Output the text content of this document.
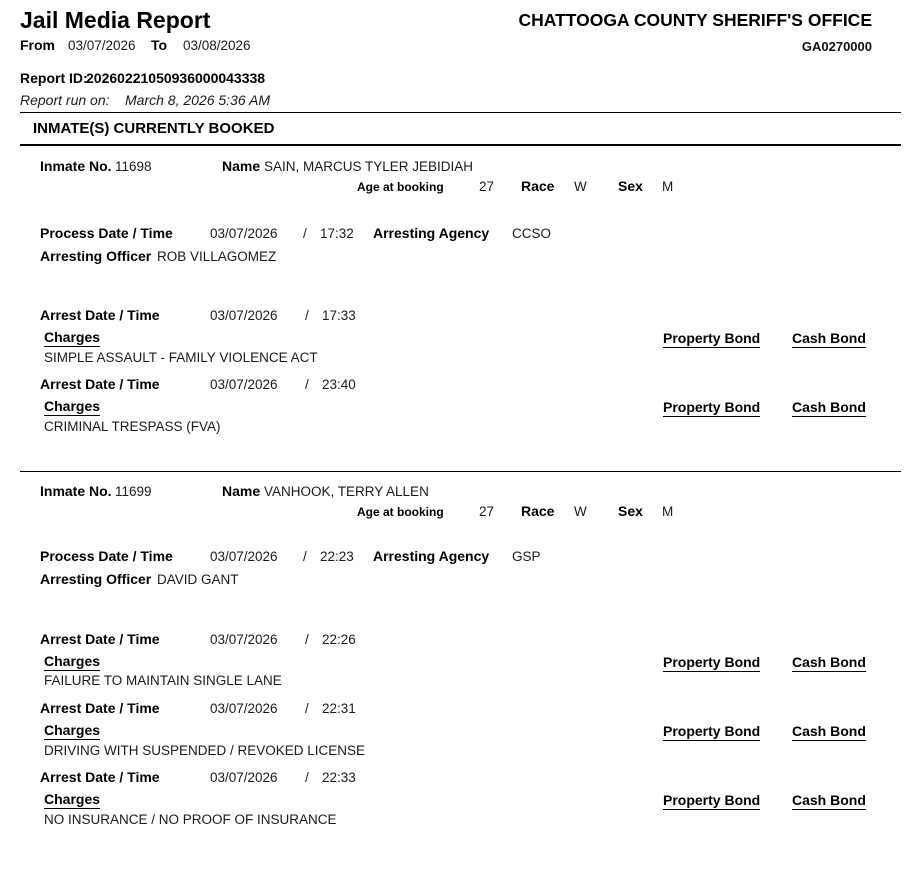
Jail Media Report
From 03/07/2026 To 03/08/2026
CHATTOOGA COUNTY SHERIFF'S OFFICE
GA0270000
Report ID:
20260221050936000043338
Report run on: March 8, 2026 5:36 AM
INMATE(S) CURRENTLY BOOKED
Inmate No. 11698	Name SAIN, MARCUS TYLER JEBIDIAH
Age at booking	27 Race W Sex M
Process Date / Time	03/07/2026 / 17:32 Arresting Agency CCSO
Arresting Officer ROB VILLAGOMEZ
Arrest Date / Time	03/07/2026 / 17:33
Charges	Property Bond Cash Bond
SIMPLE ASSAULT - FAMILY VIOLENCE ACT
Arrest Date / Time	03/07/2026 / 23:40
Charges	Property Bond Cash Bond
CRIMINAL TRESPASS (FVA)
Inmate No. 11699	Name VANHOOK, TERRY ALLEN
Age at booking	27 Race W Sex M
Process Date / Time	03/07/2026 / 22:23 Arresting Agency GSP
Arresting Officer DAVID GANT
Arrest Date / Time	03/07/2026 / 22:26
Charges	Property Bond Cash Bond
FAILURE TO MAINTAIN SINGLE LANE
Arrest Date / Time	03/07/2026 / 22:31
Charges	Property Bond Cash Bond
DRIVING WITH SUSPENDED / REVOKED LICENSE
Arrest Date / Time	03/07/2026 / 22:33
Charges	Property Bond Cash Bond
NO INSURANCE / NO PROOF OF INSURANCE
